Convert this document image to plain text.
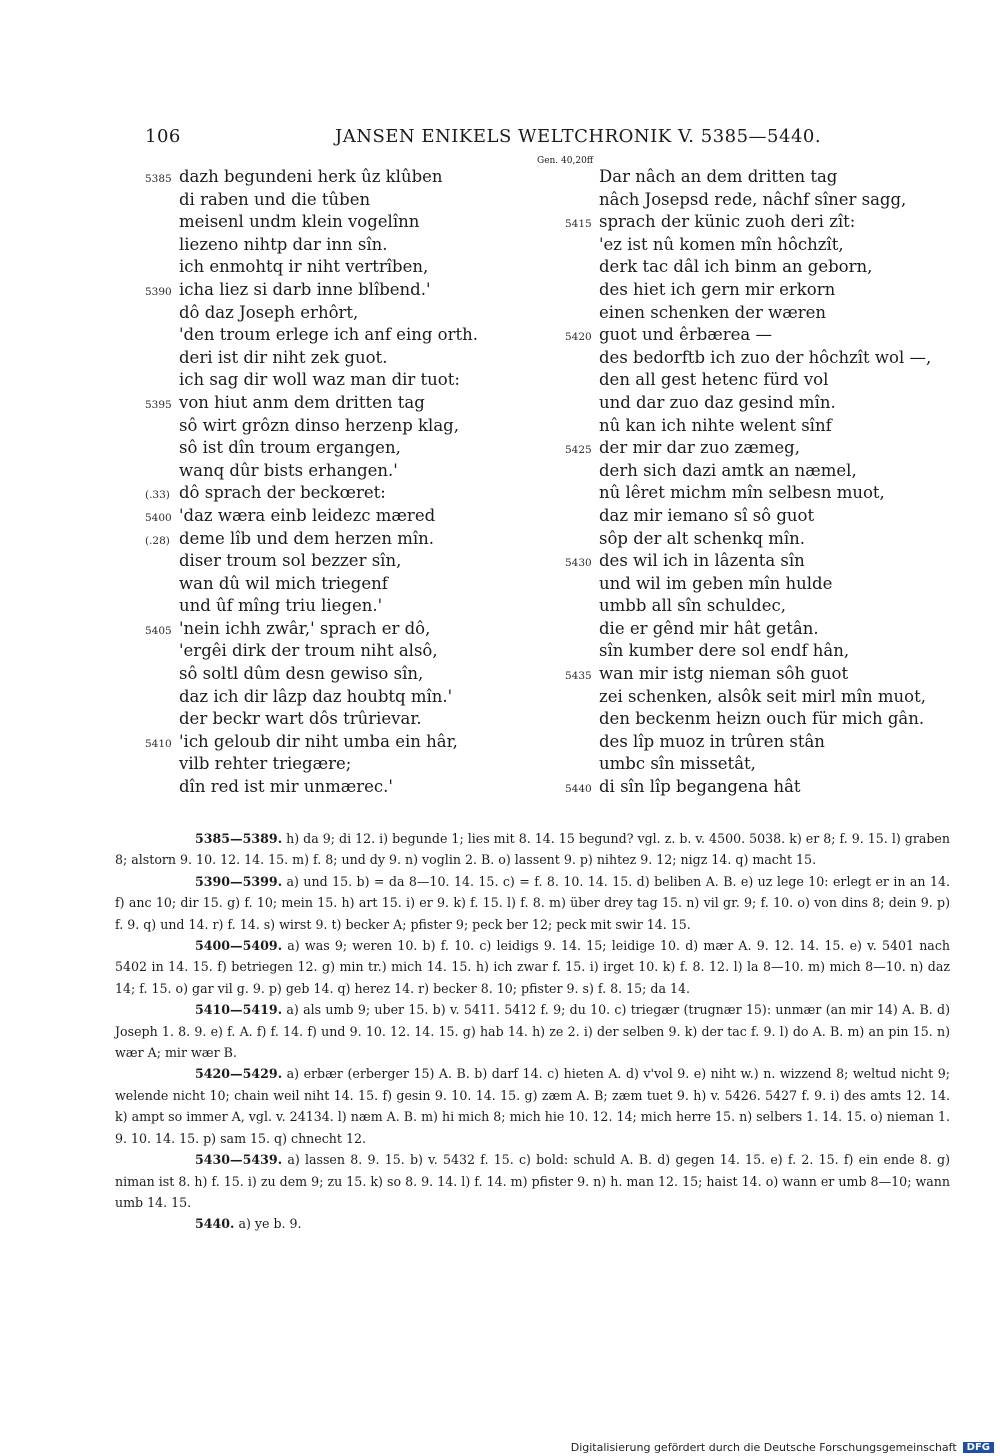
106	JANSEN ENIKELS WELTCHRONIK V. 5385—5440.
5385 dazh begundeni herk ûz klûben
di raben und die tûben
meisenl undm klein vogelînn
liezeno nihtp dar inn sîn.
ich enmohtq ir niht vertrîben,
5390 icha liez si darb inne blîbend.'
dô daz Joseph erhôrt,
'den troum erlege ich anf eing orth.
deri ist dir niht zek guot.
ich sag dir woll waz man dir tuot:
5395 von hiut anm dem dritten tag
sô wirt grôzn dinso herzenp klag,
sô ist dîn troum ergangen,
wanq dûr bists erhangen.'
(.33) dô sprach der beckœret:
5400 'daz wæra einb leidezc mæred
(.28) deme lîb und dem herzen mîn.
diser troum sol bezzer sîn,
wan dû wil mich triegenf
und ûf mîng triu liegen.'
5405 'nein ichh zwâr,' sprach er dô,
'ergêi dirk der troum niht alsô,
sô soltl dûm desn gewiso sîn,
daz ich dir lâzp daz houbtq mîn.'
der beckr wart dôs trûrievar.
5410 'ich geloub dir niht umba ein hâr,
vilb rehter triegære;
dîn red ist mir unmærec.'
Gen. 40,20ff
Dar nâch an dem dritten tag
nâch Josepsd rede, nâchf sîner sagg,
5415 sprach der künic zuoh deri zît:
'ez ist nû komen mîn hôchzît,
derk tac dâl ich binm an geborn,
des hiet ich gern mir erkorn
einen schenken der wæren
5420 guot und êrbærea —
des bedorftb ich zuo der hôchzît wol —,
den all gest hetenc fürd vol
und dar zuo daz gesind mîn.
nû kan ich nihte welent sînf
5425 der mir dar zuo zæmeg,
derh sich dazi amtk an næmel,
nû lêret michm mîn selbesn muot,
daz mir iemano sî sô guot
sôp der alt schenkq mîn.
5430 des wil ich in lâzenta sîn
und wil im geben mîn hulde
umbb all sîn schuldec,
die er gênd mir hât getân.
sîn kumber dere sol endf hân,
5435 wan mir istg nieman sôh guot
zei schenken, alsôk seit mirl mîn muot,
den beckenm heizn ouch für mich gân.
des lîp muoz in trûren stân
umbc sîn missetât,
5440 di sîn lîp begangena hât

5385—5389. h) da 9; di 12. i) begunde 1; lies mit 8. 14. 15 begund? vgl. z. b. v. 4500. 5038. k) er 8; f. 9. 15. l) graben 8; alstorn 9. 10. 12. 14. 15. m) f. 8; und dy 9. n) voglin 2. B. o) lassent 9. p) nihtez 9. 12; nigz 14. q) macht 15.

5390—5399. a) und 15. b) = da 8—10. 14. 15. c) = f. 8. 10. 14. 15. d) beliben A. B. e) uz lege 10: erlegt er in an 14. f) anc 10; dir 15. g) f. 10; mein 15. h) art 15. i) er 9. k) f. 15. l) f. 8. m) über drey tag 15. n) vil gr. 9; f. 10. o) von dins 8; dein 9. p) f. 9. q) und 14. r) f. 14. s) wirst 9. t) becker A; pfister 9; peck ber 12; peck mit swir 14. 15.

5400—5409. a) was 9; weren 10. b) f. 10. c) leidigs 9. 14. 15; leidige 10. d) mær A. 9. 12. 14. 15. e) v. 5401 nach 5402 in 14. 15. f) betriegen 12. g) min tr.) mich 14. 15. h) ich zwar f. 15. i) irget 10. k) f. 8. 12. l) la 8—10. m) mich 8—10. n) daz 14; f. 15. o) gar vil g. 9. p) geb 14. q) herez 14. r) becker 8. 10; pfister 9. s) f. 8. 15; da 14.

5410—5419. a) als umb 9; uber 15. b) v. 5411. 5412 f. 9; du 10. c) triegær (trugnær 15): unmær (an mir 14) A. B. d) Joseph 1. 8. 9. e) f. A. f) f. 14. f) und 9. 10. 12. 14. 15. g) hab 14. h) ze 2. i) der selben 9. k) der tac f. 9. l) do A. B. m) an pin 15. n) wær A; mir wær B.

5420—5429. a) erbær (erberger 15) A. B. b) darf 14. c) hieten A. d) v'vol 9. e) niht w.) n. wizzend 8; weltud nicht 9; welende nicht 10; chain weil niht 14. 15. f) gesin 9. 10. 14. 15. g) zæm A. B; zæm tuet 9. h) v. 5426. 5427 f. 9. i) des amts 12. 14. k) ampt so immer A, vgl. v. 24134. l) næm A. B. m) hi mich 8; mich hie 10. 12. 14; mich herre 15. n) selbers 1. 14. 15. o) nieman 1. 9. 10. 14. 15. p) sam 15. q) chnecht 12.

5430—5439. a) lassen 8. 9. 15. b) v. 5432 f. 15. c) bold: schuld A. B. d) gegen 14. 15. e) f. 2. 15. f) ein ende 8. g) niman ist 8. h) f. 15. i) zu dem 9; zu 15. k) so 8. 9. 14. l) f. 14. m) pfister 9. n) h. man 12. 15; haist 14. o) wann er umb 8—10; wann umb 14. 15.

5440. a) ye b. 9.

Digitalisierung gefördert durch die Deutsche Forschungsgemeinschaft	DFG
